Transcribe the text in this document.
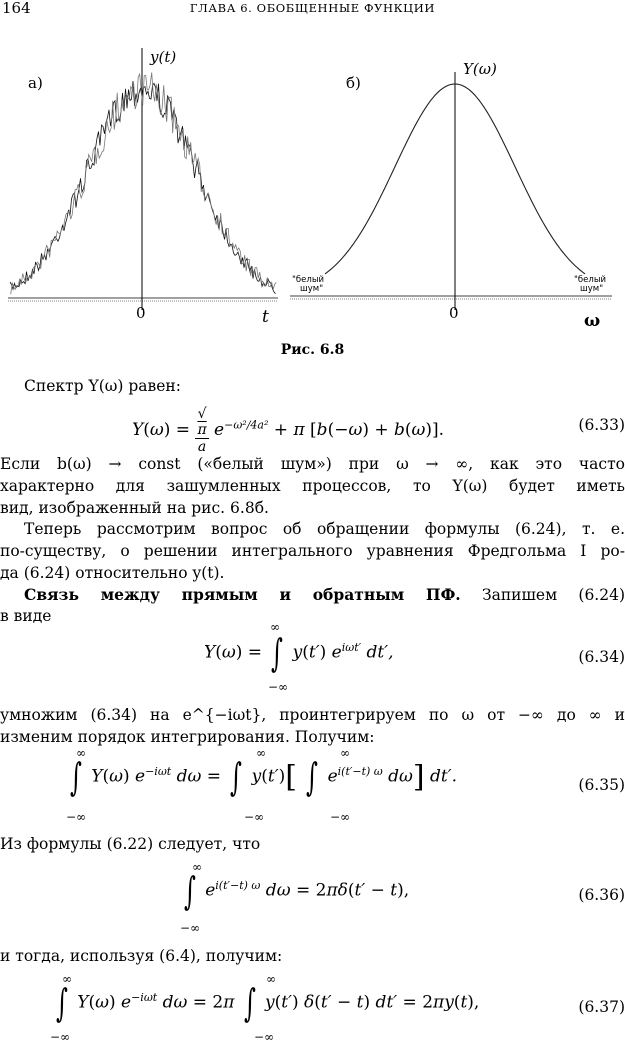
164	ГЛАВА 6. ОБОБЩЕННЫЕ ФУНКЦИИ
а)
y(t)
0	t
б)
Y(ω)
0	ω
"белый
шум"
"белый
шум"
Рис. 6.8
Спектр Y(ω) равен:
Y(ω) = √
π
a $e^{-\omega^2/4a^2} + \pi$ [b(−ω) + b(ω)].	(6.33)
Если b(ω) → const («белый шум») при ω → ∞, как это часто
характерно для зашумленных процессов, то Y(ω) будет иметь
вид, изображенный на рис. 6.8б.
Теперь рассмотрим вопрос об обращении формулы (6.24), т. е.
по-существу, о решении интегрального уравнения Фредгольма I ро-
да (6.24) относительно y(t).
Связь между прямым и обратным ПФ. Запишем (6.24)
в виде
Y(ω) = ∫ y(t′) $e^{i\omega t'}$ dt′,
∞
−∞
(6.34)
умножим (6.34) на e^{−iωt}, проинтегрируем по ω от −∞ до ∞ и
изменим порядок интегрирования. Получим:
∫ Y(ω) $e^{-i\omega t}$ dω = ∫ y(t′)[ ∫ $e^{i(t'-t) \omega}$ dω] dt′.
∞
−∞
∞
−∞
∞
−∞
(6.35)
Из формулы (6.22) следует, что
∫ $e^{i(t'-t) \omega}$ dω = 2πδ(t′ − t),
∞
−∞
(6.36)
и тогда, используя (6.4), получим:
∫ Y(ω) $e^{-i\omega t}$ dω = 2π ∫ y(t′) δ(t′ − t) dt′ = 2πy(t),
∞
−∞
∞
−∞
(6.37)
